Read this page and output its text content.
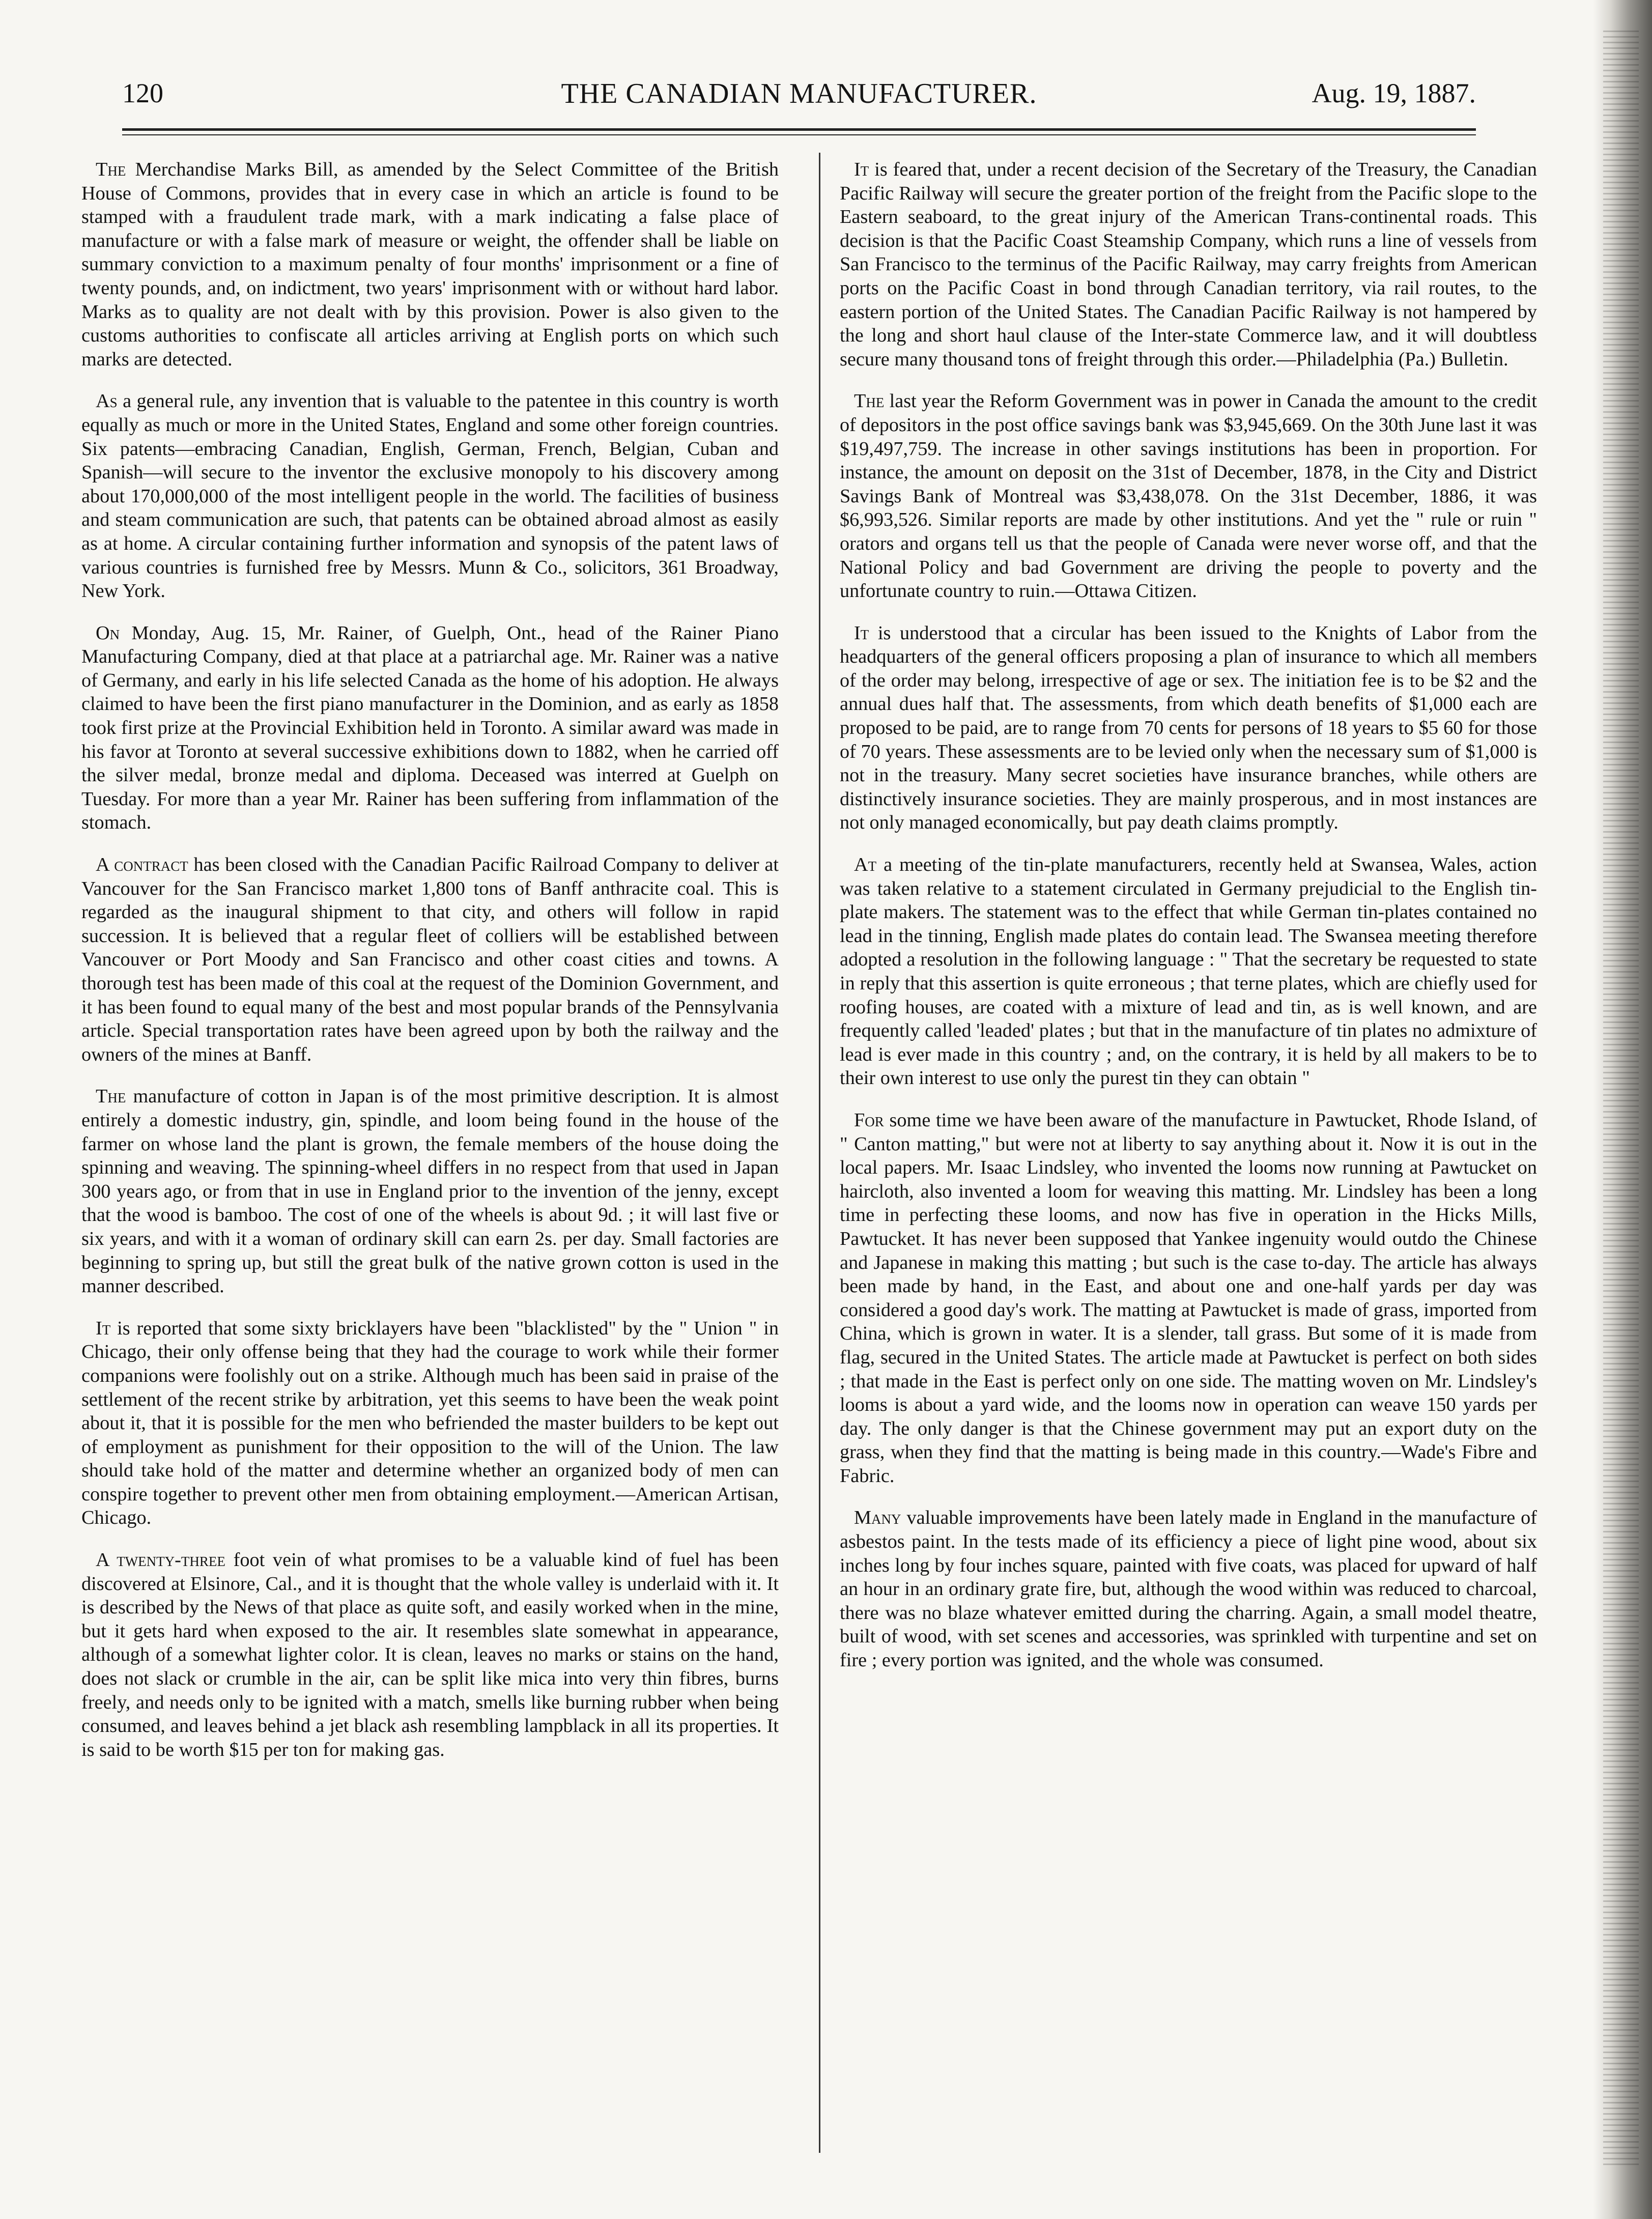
120	THE CANADIAN MANUFACTURER.	Aug. 19, 1887.

The Merchandise Marks Bill, as amended by the Select Committee of the British House of Commons, provides that in every case in which an article is found to be stamped with a fraudulent trade mark, with a mark indicating a false place of manufacture or with a false mark of measure or weight, the offender shall be liable on summary conviction to a maximum penalty of four months' imprisonment or a fine of twenty pounds, and, on indictment, two years' imprisonment with or without hard labor. Marks as to quality are not dealt with by this provision. Power is also given to the customs authorities to confiscate all articles arriving at English ports on which such marks are detected.

As a general rule, any invention that is valuable to the patentee in this country is worth equally as much or more in the United States, England and some other foreign countries. Six patents—embracing Canadian, English, German, French, Belgian, Cuban and Spanish—will secure to the inventor the exclusive monopoly to his discovery among about 170,000,000 of the most intelligent people in the world. The facilities of business and steam communication are such, that patents can be obtained abroad almost as easily as at home. A circular containing further information and synopsis of the patent laws of various countries is furnished free by Messrs. Munn & Co., solicitors, 361 Broadway, New York.

On Monday, Aug. 15, Mr. Rainer, of Guelph, Ont., head of the Rainer Piano Manufacturing Company, died at that place at a patriarchal age. Mr. Rainer was a native of Germany, and early in his life selected Canada as the home of his adoption. He always claimed to have been the first piano manufacturer in the Dominion, and as early as 1858 took first prize at the Provincial Exhibition held in Toronto. A similar award was made in his favor at Toronto at several successive exhibitions down to 1882, when he carried off the silver medal, bronze medal and diploma. Deceased was interred at Guelph on Tuesday. For more than a year Mr. Rainer has been suffering from inflammation of the stomach.

A contract has been closed with the Canadian Pacific Railroad Company to deliver at Vancouver for the San Francisco market 1,800 tons of Banff anthracite coal. This is regarded as the inaugural shipment to that city, and others will follow in rapid succession. It is believed that a regular fleet of colliers will be established between Vancouver or Port Moody and San Francisco and other coast cities and towns. A thorough test has been made of this coal at the request of the Dominion Government, and it has been found to equal many of the best and most popular brands of the Pennsylvania article. Special transportation rates have been agreed upon by both the railway and the owners of the mines at Banff.

The manufacture of cotton in Japan is of the most primitive description. It is almost entirely a domestic industry, gin, spindle, and loom being found in the house of the farmer on whose land the plant is grown, the female members of the house doing the spinning and weaving. The spinning-wheel differs in no respect from that used in Japan 300 years ago, or from that in use in England prior to the invention of the jenny, except that the wood is bamboo. The cost of one of the wheels is about 9d. ; it will last five or six years, and with it a woman of ordinary skill can earn 2s. per day. Small factories are beginning to spring up, but still the great bulk of the native grown cotton is used in the manner described.

It is reported that some sixty bricklayers have been "blacklisted" by the " Union " in Chicago, their only offense being that they had the courage to work while their former companions were foolishly out on a strike. Although much has been said in praise of the settlement of the recent strike by arbitration, yet this seems to have been the weak point about it, that it is possible for the men who befriended the master builders to be kept out of employment as punishment for their opposition to the will of the Union. The law should take hold of the matter and determine whether an organized body of men can conspire together to prevent other men from obtaining employment.—American Artisan, Chicago.

A twenty-three foot vein of what promises to be a valuable kind of fuel has been discovered at Elsinore, Cal., and it is thought that the whole valley is underlaid with it. It is described by the News of that place as quite soft, and easily worked when in the mine, but it gets hard when exposed to the air. It resembles slate somewhat in appearance, although of a somewhat lighter color. It is clean, leaves no marks or stains on the hand, does not slack or crumble in the air, can be split like mica into very thin fibres, burns freely, and needs only to be ignited with a match, smells like burning rubber when being consumed, and leaves behind a jet black ash resembling lampblack in all its properties. It is said to be worth $15 per ton for making gas.

It is feared that, under a recent decision of the Secretary of the Treasury, the Canadian Pacific Railway will secure the greater portion of the freight from the Pacific slope to the Eastern seaboard, to the great injury of the American Trans-continental roads. This decision is that the Pacific Coast Steamship Company, which runs a line of vessels from San Francisco to the terminus of the Pacific Railway, may carry freights from American ports on the Pacific Coast in bond through Canadian territory, via rail routes, to the eastern portion of the United States. The Canadian Pacific Railway is not hampered by the long and short haul clause of the Inter-state Commerce law, and it will doubtless secure many thousand tons of freight through this order.—Philadelphia (Pa.) Bulletin.

The last year the Reform Government was in power in Canada the amount to the credit of depositors in the post office savings bank was $3,945,669. On the 30th June last it was $19,497,759. The increase in other savings institutions has been in proportion. For instance, the amount on deposit on the 31st of December, 1878, in the City and District Savings Bank of Montreal was $3,438,078. On the 31st December, 1886, it was $6,993,526. Similar reports are made by other institutions. And yet the " rule or ruin " orators and organs tell us that the people of Canada were never worse off, and that the National Policy and bad Government are driving the people to poverty and the unfortunate country to ruin.—Ottawa Citizen.

It is understood that a circular has been issued to the Knights of Labor from the headquarters of the general officers proposing a plan of insurance to which all members of the order may belong, irrespective of age or sex. The initiation fee is to be $2 and the annual dues half that. The assessments, from which death benefits of $1,000 each are proposed to be paid, are to range from 70 cents for persons of 18 years to $5 60 for those of 70 years. These assessments are to be levied only when the necessary sum of $1,000 is not in the treasury. Many secret societies have insurance branches, while others are distinctively insurance societies. They are mainly prosperous, and in most instances are not only managed economically, but pay death claims promptly.

At a meeting of the tin-plate manufacturers, recently held at Swansea, Wales, action was taken relative to a statement circulated in Germany prejudicial to the English tin-plate makers. The statement was to the effect that while German tin-plates contained no lead in the tinning, English made plates do contain lead. The Swansea meeting therefore adopted a resolution in the following language : " That the secretary be requested to state in reply that this assertion is quite erroneous ; that terne plates, which are chiefly used for roofing houses, are coated with a mixture of lead and tin, as is well known, and are frequently called 'leaded' plates ; but that in the manufacture of tin plates no admixture of lead is ever made in this country ; and, on the contrary, it is held by all makers to be to their own interest to use only the purest tin they can obtain "

For some time we have been aware of the manufacture in Pawtucket, Rhode Island, of " Canton matting," but were not at liberty to say anything about it. Now it is out in the local papers. Mr. Isaac Lindsley, who invented the looms now running at Pawtucket on haircloth, also invented a loom for weaving this matting. Mr. Lindsley has been a long time in perfecting these looms, and now has five in operation in the Hicks Mills, Pawtucket. It has never been supposed that Yankee ingenuity would outdo the Chinese and Japanese in making this matting ; but such is the case to-day. The article has always been made by hand, in the East, and about one and one-half yards per day was considered a good day's work. The matting at Pawtucket is made of grass, imported from China, which is grown in water. It is a slender, tall grass. But some of it is made from flag, secured in the United States. The article made at Pawtucket is perfect on both sides ; that made in the East is perfect only on one side. The matting woven on Mr. Lindsley's looms is about a yard wide, and the looms now in operation can weave 150 yards per day. The only danger is that the Chinese government may put an export duty on the grass, when they find that the matting is being made in this country.—Wade's Fibre and Fabric.

Many valuable improvements have been lately made in England in the manufacture of asbestos paint. In the tests made of its efficiency a piece of light pine wood, about six inches long by four inches square, painted with five coats, was placed for upward of half an hour in an ordinary grate fire, but, although the wood within was reduced to charcoal, there was no blaze whatever emitted during the charring. Again, a small model theatre, built of wood, with set scenes and accessories, was sprinkled with turpentine and set on fire ; every portion was ignited, and the whole was consumed.
